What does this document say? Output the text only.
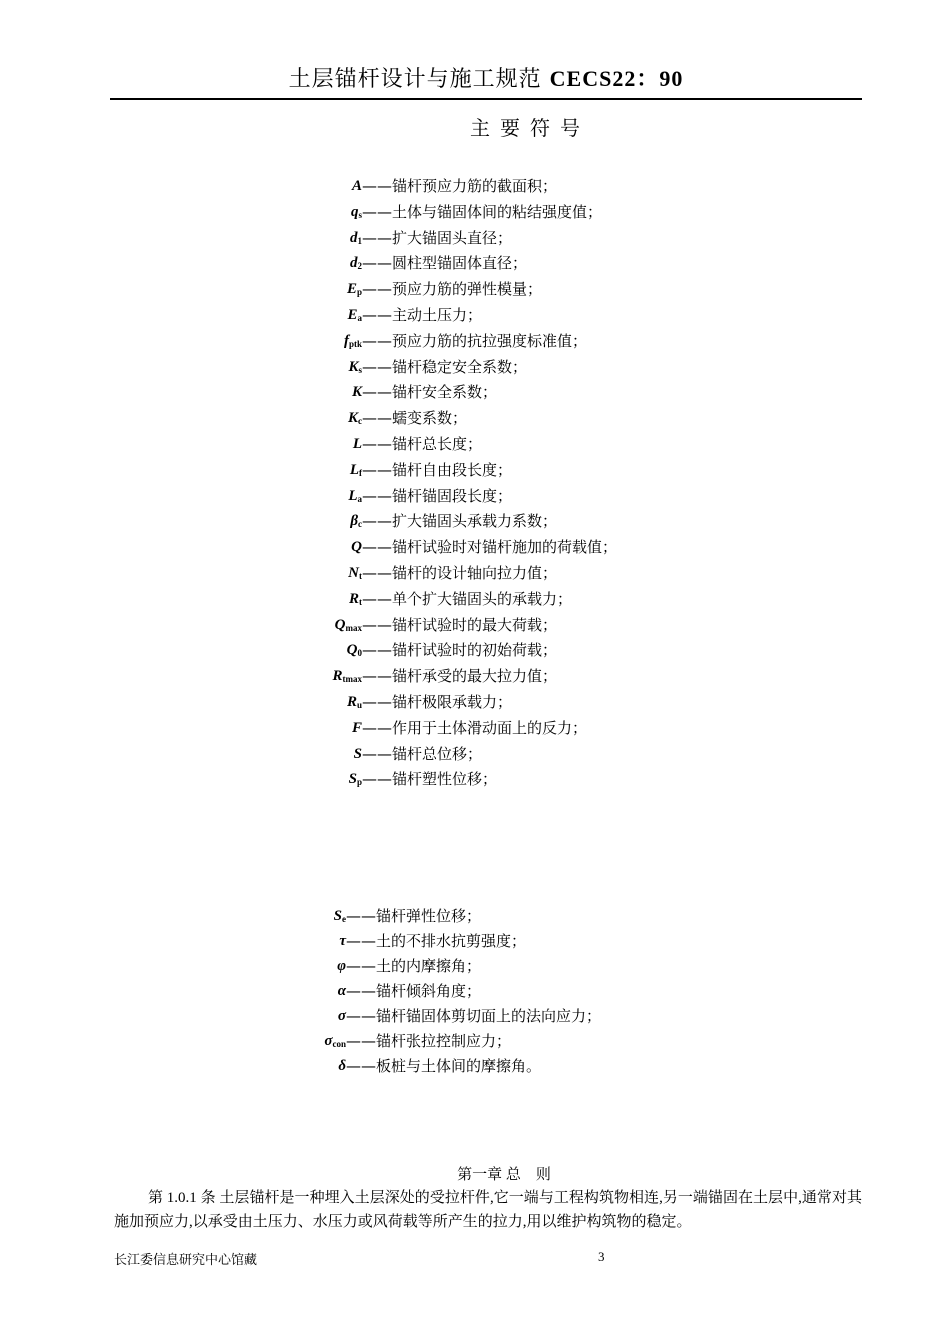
土层锚杆设计与施工规范 CECS22：90
主要符号
A ——锚杆预应力筋的截面积；
$q_s$ ——土体与锚固体间的粘结强度值；
$d_1$ ——扩大锚固头直径；
$d_2$ ——圆柱型锚固体直径；
$E_p$ ——预应力筋的弹性模量；
$E_a$ ——主动土压力；
$f_{ptk}$ ——预应力筋的抗拉强度标准值；
$K_s$ ——锚杆稳定安全系数；
K ——锚杆安全系数；
$K_c$ ——蠕变系数；
L ——锚杆总长度；
$L_f$ ——锚杆自由段长度；
$L_a$ ——锚杆锚固段长度；
$\beta_c$ ——扩大锚固头承载力系数；
Q ——锚杆试验时对锚杆施加的荷载值；
$N_t$ ——锚杆的设计轴向拉力值；
$R_t$ ——单个扩大锚固头的承载力；
$Q_{max}$ ——锚杆试验时的最大荷载；
$Q_0$ ——锚杆试验时的初始荷载；
$R_{tmax}$ ——锚杆承受的最大拉力值；
$R_u$ ——锚杆极限承载力；
F ——作用于土体滑动面上的反力；
S ——锚杆总位移；
$S_p$ ——锚杆塑性位移；
$S_e$ ——锚杆弹性位移；
τ ——土的不排水抗剪强度；
φ ——土的内摩擦角；
α ——锚杆倾斜角度；
σ ——锚杆锚固体剪切面上的法向应力；
$\sigma_{con}$ ——锚杆张拉控制应力；
δ ——板桩与土体间的摩擦角。
第一章 总    则
第 1.0.1 条 土层锚杆是一种埋入土层深处的受拉杆件,它一端与工程构筑物相连,另一端锚固在土层中,通常对其施加预应力,以承受由土压力、水压力或风荷载等所产生的拉力,用以维护构筑物的稳定。
长江委信息研究中心馆藏	3
